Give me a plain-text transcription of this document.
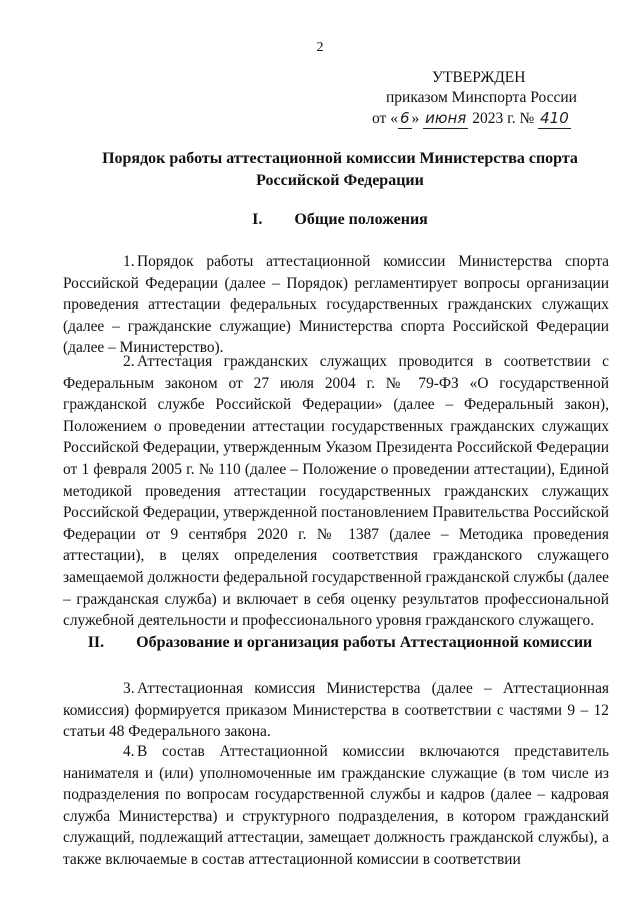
2
УТВЕРЖДЕН
приказом Минспорта России
от « 6 » июня 2023 г. № 410
Порядок работы аттестационной комиссии Министерства спорта Российской Федерации
I. Общие положения
1. Порядок работы аттестационной комиссии Министерства спорта Российской Федерации (далее – Порядок) регламентирует вопросы организации проведения аттестации федеральных государственных гражданских служащих (далее – гражданские служащие) Министерства спорта Российской Федерации (далее – Министерство).
2. Аттестация гражданских служащих проводится в соответствии с Федеральным законом от 27 июля 2004 г. № 79-ФЗ «О государственной гражданской службе Российской Федерации» (далее – Федеральный закон), Положением о проведении аттестации государственных гражданских служащих Российской Федерации, утвержденным Указом Президента Российской Федерации от 1 февраля 2005 г. № 110 (далее – Положение о проведении аттестации), Единой методикой проведения аттестации государственных гражданских служащих Российской Федерации, утвержденной постановлением Правительства Российской Федерации от 9 сентября 2020 г. № 1387 (далее – Методика проведения аттестации), в целях определения соответствия гражданского служащего замещаемой должности федеральной государственной гражданской службы (далее – гражданская служба) и включает в себя оценку результатов профессиональной служебной деятельности и профессионального уровня гражданского служащего.
II. Образование и организация работы Аттестационной комиссии
3. Аттестационная комиссия Министерства (далее – Аттестационная комиссия) формируется приказом Министерства в соответствии с частями 9 – 12 статьи 48 Федерального закона.
4. В состав Аттестационной комиссии включаются представитель нанимателя и (или) уполномоченные им гражданские служащие (в том числе из подразделения по вопросам государственной службы и кадров (далее – кадровая служба Министерства) и структурного подразделения, в котором гражданский служащий, подлежащий аттестации, замещает должность гражданской службы), а также включаемые в состав аттестационной комиссии в соответствии
